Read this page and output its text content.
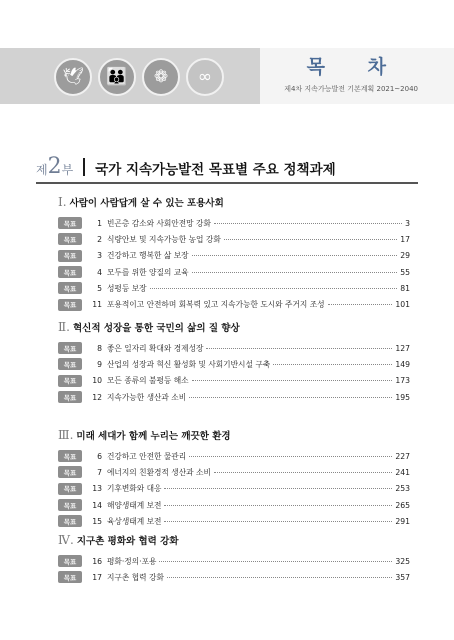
🕊	👪	❁	∞	목 차
제4차 지속가능발전 기본계획 2021~2040
제 2 부 국가 지속가능발전 목표별 주요 정책과제
Ⅰ. 사람이 사람답게 살 수 있는 포용사회
목표	1 빈곤층 감소와 사회안전망 강화	3
목표	2 식량안보 및 지속가능한 농업 강화	17
목표	3 건강하고 행복한 삶 보장	29
목표	4 모두를 위한 양질의 교육	55
목표	5 성평등 보장	81
목표	11 포용적이고 안전하며 회복력 있고 지속가능한 도시와 주거지 조성	101
Ⅱ. 혁신적 성장을 통한 국민의 삶의 질 향상
목표	8 좋은 일자리 확대와 경제성장	127
목표	9 산업의 성장과 혁신 활성화 및 사회기반시설 구축	149
목표	10 모든 종류의 불평등 해소	173
목표	12 지속가능한 생산과 소비	195
Ⅲ. 미래 세대가 함께 누리는 깨끗한 환경
목표	6 건강하고 안전한 물관리	227
목표	7 에너지의 친환경적 생산과 소비	241
목표	13 기후변화와 대응	253
목표	14 해양생태계 보전	265
목표	15 육상생태계 보전	291
Ⅳ. 지구촌 평화와 협력 강화
목표	16 평화·정의·포용	325
목표	17 지구촌 협력 강화	357
